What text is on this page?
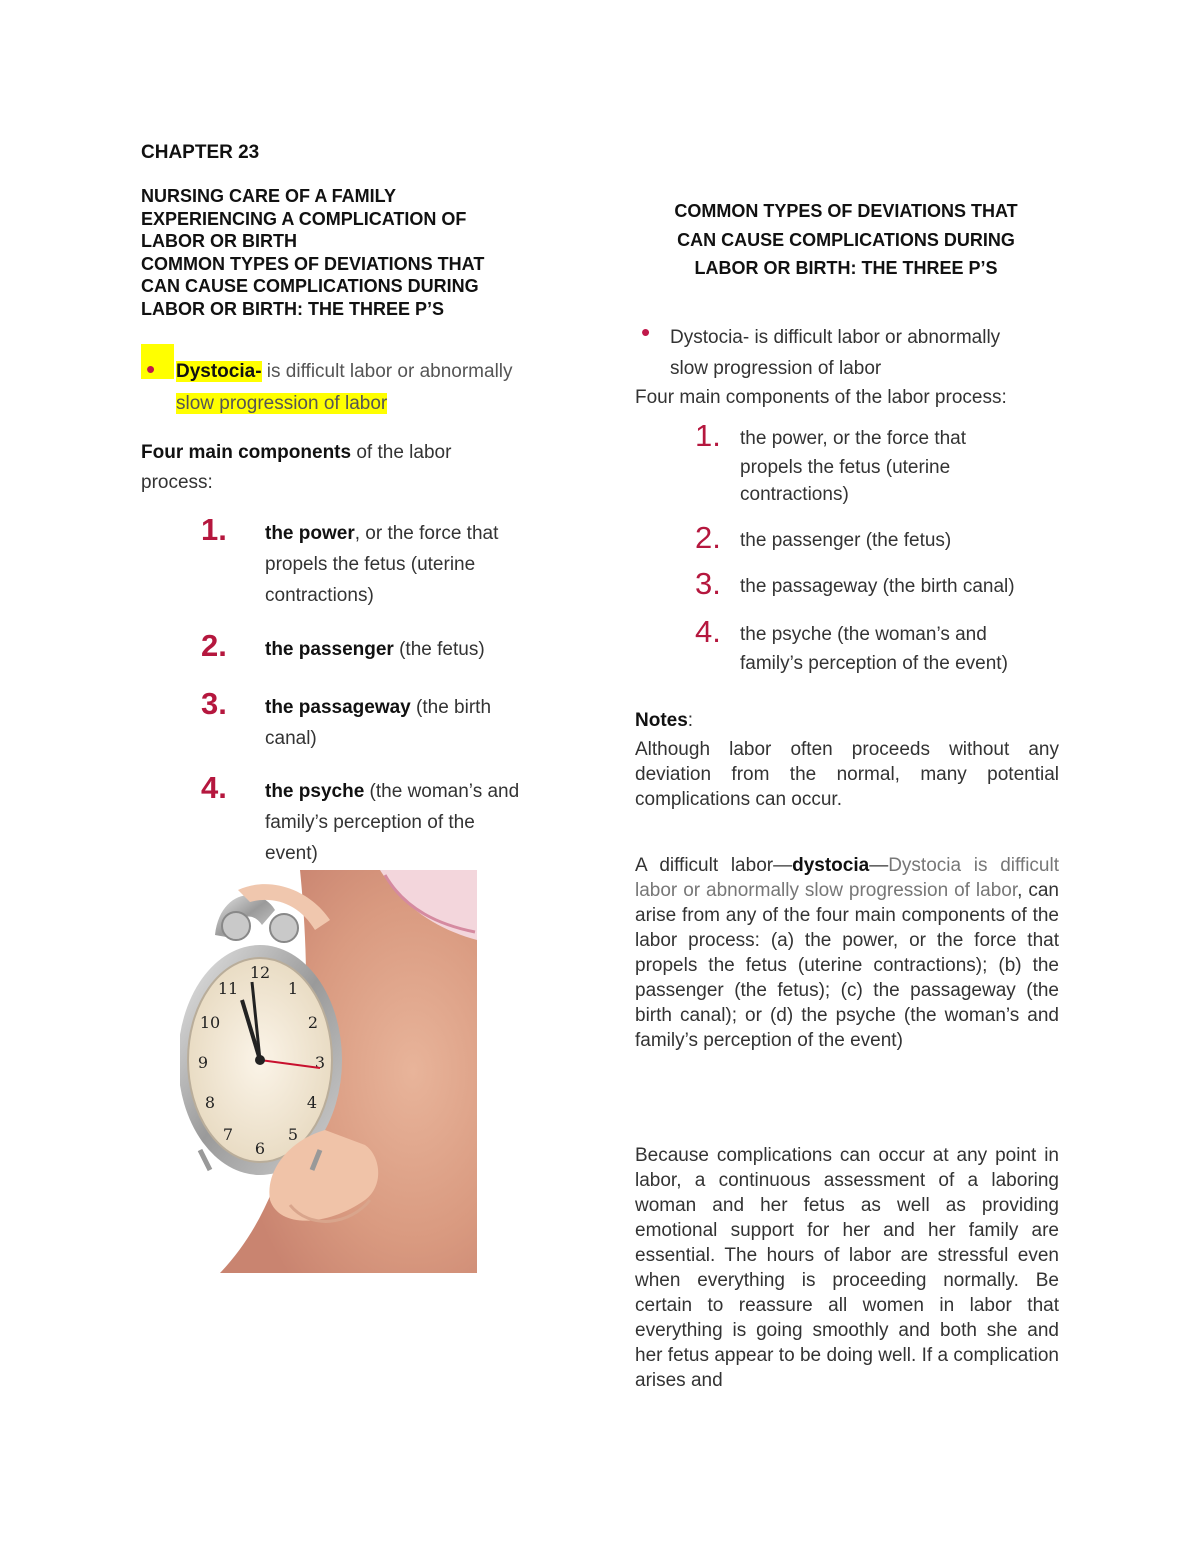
CHAPTER 23
NURSING CARE OF A FAMILY
EXPERIENCING A COMPLICATION OF
LABOR OR BIRTH
COMMON TYPES OF DEVIATIONS THAT
CAN CAUSE COMPLICATIONS DURING
LABOR OR BIRTH: THE THREE P’S
• Dystocia- is difficult labor or abnormally
slow progression of labor
Four main components of the labor
process:
1. the power, or the force that
propels the fetus (uterine
contractions)
2. the passenger (the fetus)
3. the passageway (the birth
canal)
4. the psyche (the woman’s and
family’s perception of the
event)
12
1
2
3
4
5
6
7
8
9
10
11
COMMON TYPES OF DEVIATIONS THAT
CAN CAUSE COMPLICATIONS DURING
LABOR OR BIRTH: THE THREE P’S
• Dystocia- is difficult labor or abnormally
slow progression of labor
Four main components of the labor process:
1. the power, or the force that
propels the fetus (uterine
contractions)
2. the passenger (the fetus)
3. the passageway (the birth canal)
4. the psyche (the woman’s and
family’s perception of the event)
Notes:
Although labor often proceeds without any deviation from the normal, many potential complications can occur.
A difficult labor—dystocia—Dystocia is difficult labor or abnormally slow progression of labor, can arise from any of the four main components of the labor process: (a) the power, or the force that propels the fetus (uterine contractions); (b) the passenger (the fetus); (c) the passageway (the birth canal); or (d) the psyche (the woman’s and family’s perception of the event)
Because complications can occur at any point in labor, a continuous assessment of a laboring woman and her fetus as well as providing emotional support for her and her family are essential. The hours of labor are stressful even when everything is proceeding normally. Be certain to reassure all women in labor that everything is going smoothly and both she and her fetus appear to be doing well. If a complication arises and
